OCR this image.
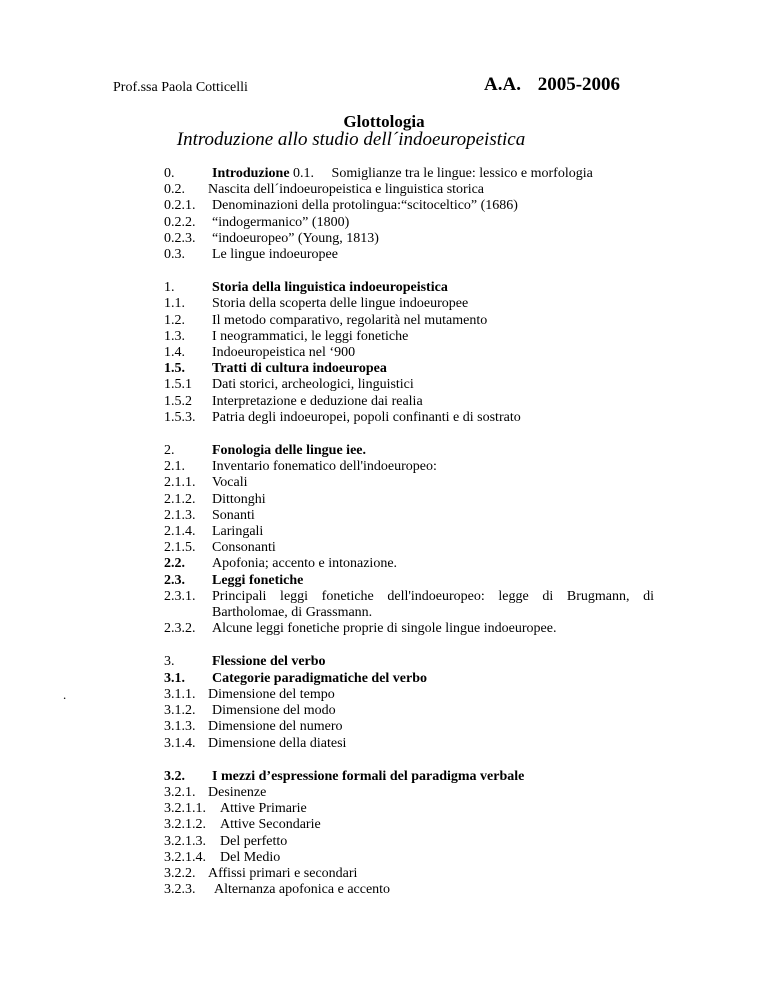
Prof.ssa Paola Cotticelli	A.A. 2005-2006
Glottologia
Introduzione allo studio dell´indoeuropeistica
.
0.	Introduzione 0.1.     Somiglianze tra le lingue: lessico e morfologia
0.2.	Nascita dell´indoeuropeistica e linguistica storica
0.2.1.	Denominazioni della protolingua:“scitoceltico” (1686)
0.2.2.	“indogermanico” (1800)
0.2.3.	“indoeuropeo” (Young, 1813)
0.3.	Le lingue indoeuropee
1.	Storia della linguistica indoeuropeistica
1.1.	Storia della scoperta delle lingue indoeuropee
1.2.	Il metodo comparativo, regolarità nel mutamento
1.3.	I neogrammatici, le leggi fonetiche
1.4.	Indoeuropeistica nel ‘900
1.5.	Tratti di cultura indoeuropea
1.5.1	Dati storici, archeologici, linguistici
1.5.2	Interpretazione e deduzione dai realia
1.5.3.	Patria degli indoeuropei, popoli confinanti e di sostrato
2.	Fonologia delle lingue iee.
2.1.	Inventario fonematico dell'indoeuropeo:
2.1.1.	Vocali
2.1.2.	Dittonghi
2.1.3.	Sonanti
2.1.4.	Laringali
2.1.5.	Consonanti
2.2.	Apofonia; accento e intonazione.
2.3.	Leggi fonetiche
2.3.1.	Principali leggi fonetiche dell'indoeuropeo: legge di Brugmann, di
Bartholomae, di Grassmann.
2.3.2.	Alcune leggi fonetiche proprie di singole lingue indoeuropee.
3.	Flessione del verbo
3.1.	Categorie paradigmatiche del verbo
3.1.1. Dimensione del tempo
3.1.2.	Dimensione del modo
3.1.3. Dimensione del numero
3.1.4. Dimensione della diatesi
3.2.	I mezzi d’espressione formali del paradigma verbale
3.2.1. Desinenze
3.2.1.1.	Attive Primarie
3.2.1.2.	Attive Secondarie
3.2.1.3.	Del perfetto
3.2.1.4.	Del Medio
3.2.2. Affissi primari e secondari
3.2.3.	Alternanza apofonica e accento
